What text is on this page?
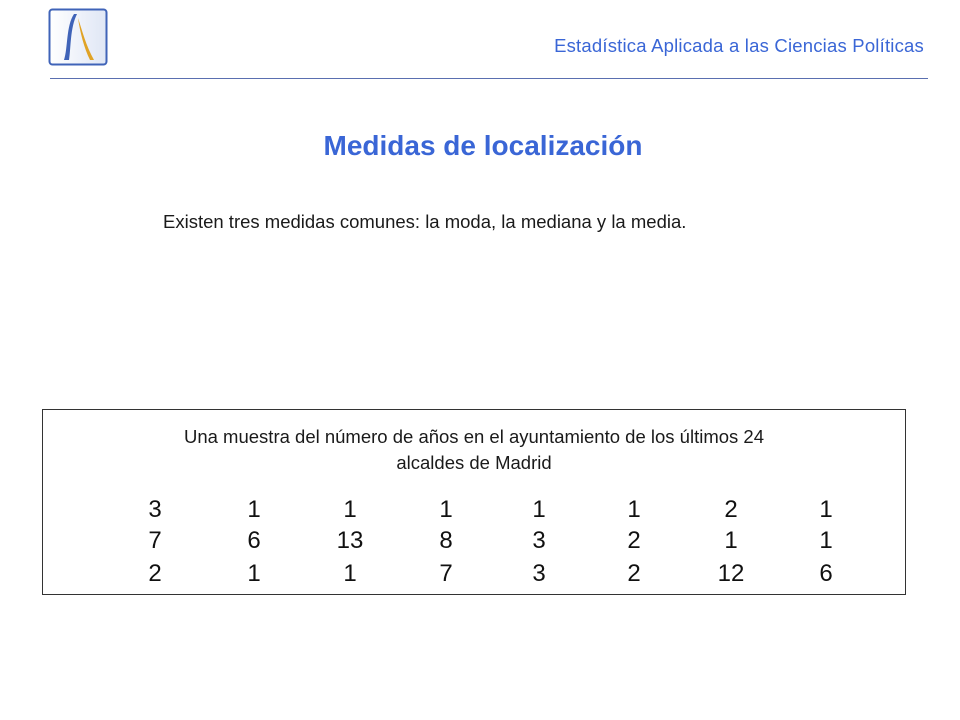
Estadística Aplicada a las Ciencias Políticas
Medidas de localización
Existen tres medidas comunes: la moda, la mediana y la media.
Una muestra del número de años en el ayuntamiento de los últimos 24
alcaldes de Madrid
3	1	1	1	1	1	2	1
7	6	13	8	3	2	1	1
2	1	1	7	3	2	12	6
